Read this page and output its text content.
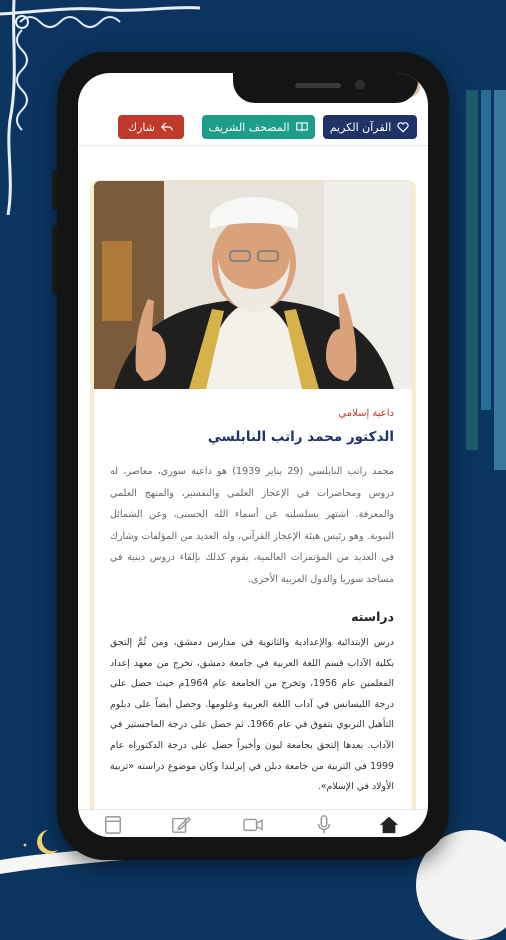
القرآن الكريم
المصحف الشريف
شارك
داعية إسلامي
الدكتور محمد راتب النابلسي
محمد راتب النابلسي (29 يناير 1939) هو داعية سوري، معاصر، له دروس ومحاضرات في الإعجاز العلمي والتفسير، والمنهج العلمي والمعرفة. اشتهر بسلسلته عن أسماء الله الحسنى، وعن الشمائل النبوية. وهو رئيس هيئة الإعجاز القرآني، وله العديد من المؤلفات وشارك في العديد من المؤتمرات العالمية، يقوم كذلك بإلقاء دروس دينية في مساجد سوريا والدول العربية الأخرى.
دراسته
درس الإبتدائية والإعدادية والثانوية في مدارس دمشق، ومن ثُمَّ إلتحق بكلية الآداب قسم اللغة العربية في جامعة دمشق، تخرج من معهد إعداد المعلمين عام 1956، وتخرج من الجامعة عام 1964م حيث حصل على درجة الليسانس في آداب اللغة العربية وعلومها. وحصل أيضاً على دبلوم التأهيل التربوي بتفوق في عام 1966. ثم حصل على درجة الماجستير في الآداب. بعدها إلتحق بجامعة ليون وأخيراً حصل على درجة الدكتوراه عام 1999 في التربية من جامعة دبلن في إيرلندا وكان موضوع دراسته «تربية الأولاد في الإسلام».
